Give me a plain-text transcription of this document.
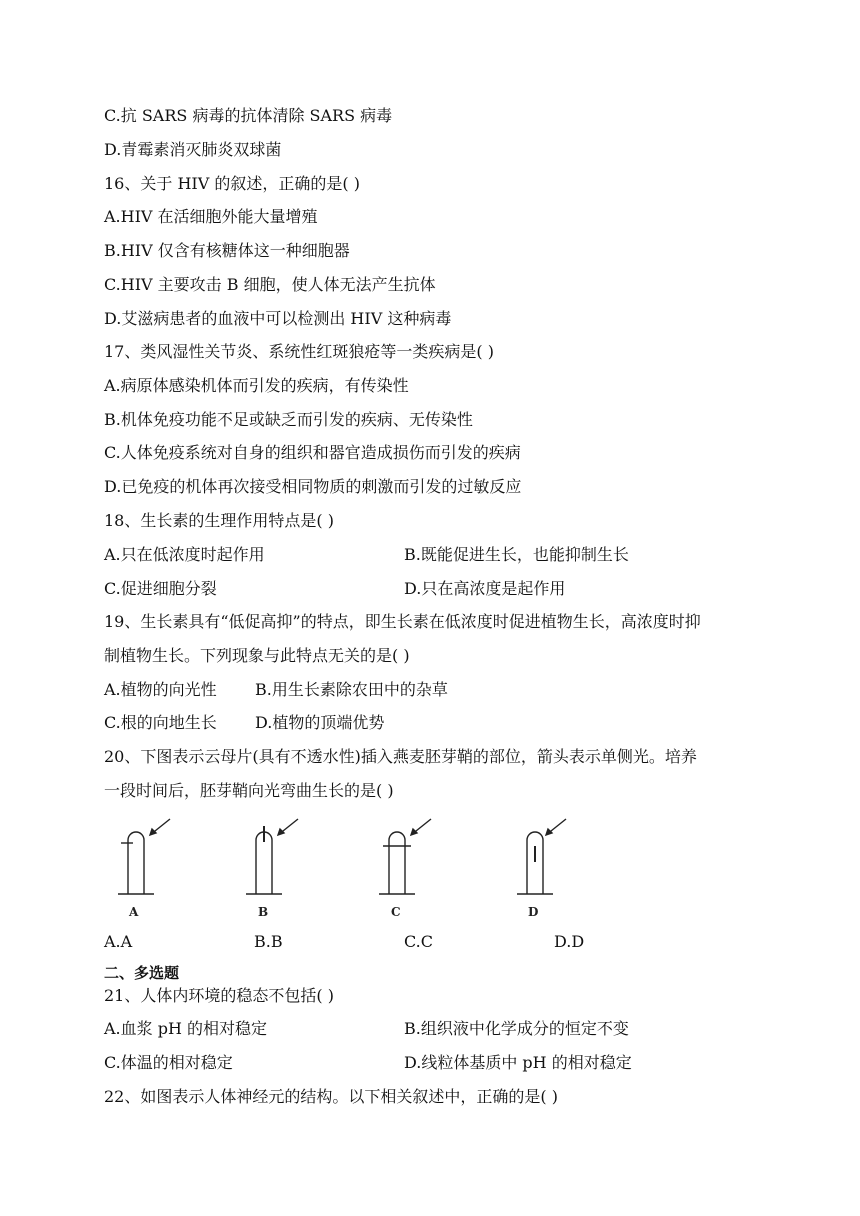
C.抗 SARS 病毒的抗体清除 SARS 病毒
D.青霉素消灭肺炎双球菌
16、关于 HIV 的叙述，正确的是( )
A.HIV 在活细胞外能大量增殖
B.HIV 仅含有核糖体这一种细胞器
C.HIV 主要攻击 B 细胞，使人体无法产生抗体
D.艾滋病患者的血液中可以检测出 HIV 这种病毒
17、类风湿性关节炎、系统性红斑狼疮等一类疾病是( )
A.病原体感染机体而引发的疾病，有传染性
B.机体免疫功能不足或缺乏而引发的疾病、无传染性
C.人体免疫系统对自身的组织和器官造成损伤而引发的疾病
D.已免疫的机体再次接受相同物质的刺激而引发的过敏反应
18、生长素的生理作用特点是( )
A.只在低浓度时起作用	B.既能促进生长，也能抑制生长
C.促进细胞分裂	D.只在高浓度是起作用
19、生长素具有“低促高抑”的特点，即生长素在低浓度时促进植物生长，高浓度时抑
制植物生长。下列现象与此特点无关的是( )
A.植物的向光性 B.用生长素除农田中的杂草
C.根的向地生长 D.植物的顶端优势
20、下图表示云母片(具有不透水性)插入燕麦胚芽鞘的部位，箭头表示单侧光。培养
一段时间后，胚芽鞘向光弯曲生长的是( )
A	B	C	D
A.A	B.B	C.C	D.D
二、多选题
21、人体内环境的稳态不包括( )
A.血浆 pH 的相对稳定	B.组织液中化学成分的恒定不变
C.体温的相对稳定	D.线粒体基质中 pH 的相对稳定
22、如图表示人体神经元的结构。以下相关叙述中，正确的是( )
